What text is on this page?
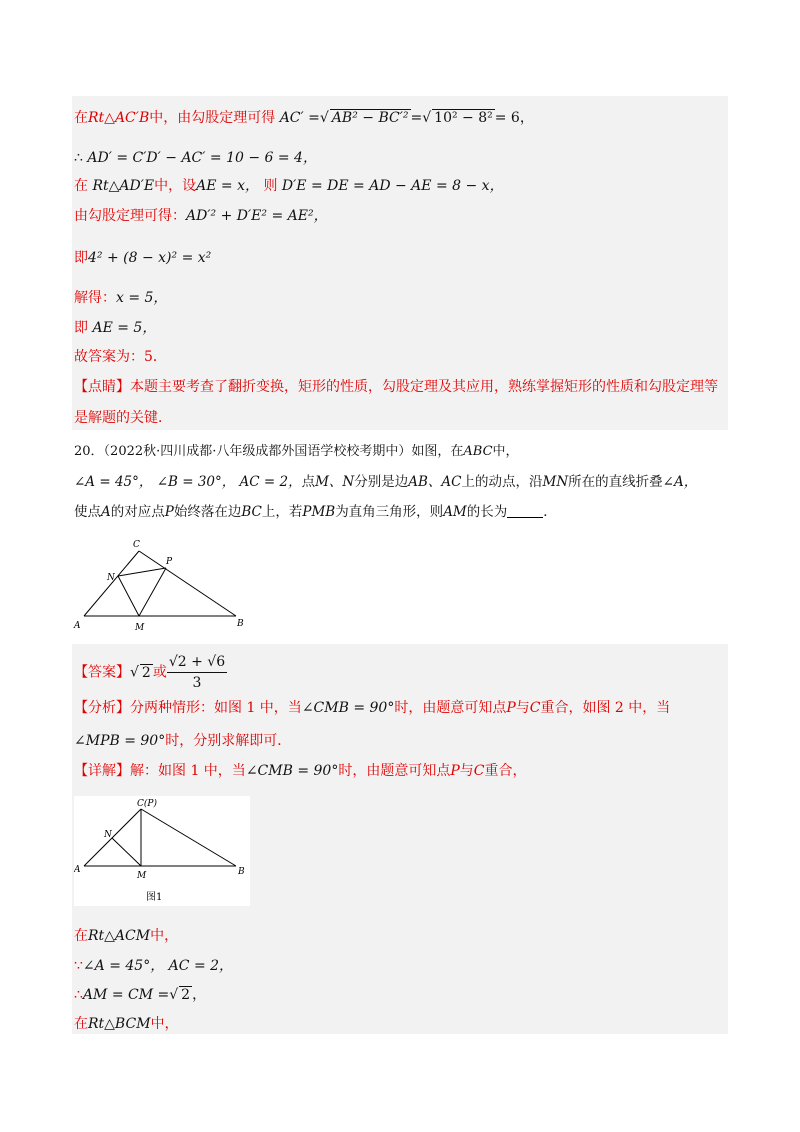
在Rt△AC′B中，由勾股定理可得 AC′ =√ AB² − BC′² =√ 10² − 8² = 6，
∴ AD′ = C′D′ − AC′ = 10 − 6 = 4，
在 Rt△AD′E中，设AE = x， 则 D′E = DE = AD − AE = 8 − x，
由勾股定理可得：AD′² + D′E² = AE²，
即4² + (8 − x)² = x²
解得：x = 5，
即 AE = 5，
故答案为：5．
【点睛】本题主要考查了翻折变换，矩形的性质，勾股定理及其应用，熟练掌握矩形的性质和勾股定理等
是解题的关键．
20．（2022秋·四川成都·八年级成都外国语学校校考期中）如图，在ABC中，
∠A = 45°， ∠B = 30°， AC = 2，点M、N分别是边AB、AC上的动点，沿MN所在的直线折叠∠A，
使点A的对应点P始终落在边BC上，若PMB为直角三角形，则AM的长为	．
C
P
N
A	M	B
【答案】√ 2 或 $\frac{√2 + √6}{3}$
【分析】分两种情形：如图 1 中，当∠CMB = 90°时，由题意可知点P与C重合，如图 2 中，当
∠MPB = 90°时，分别求解即可．
【详解】解：如图 1 中，当∠CMB = 90°时，由题意可知点P与C重合，
C(P)
N
A
M	B
图1
在Rt△ACM中，
∵∠A = 45°， AC = 2，
∴AM = CM =√ 2 ，
在Rt△BCM中，
